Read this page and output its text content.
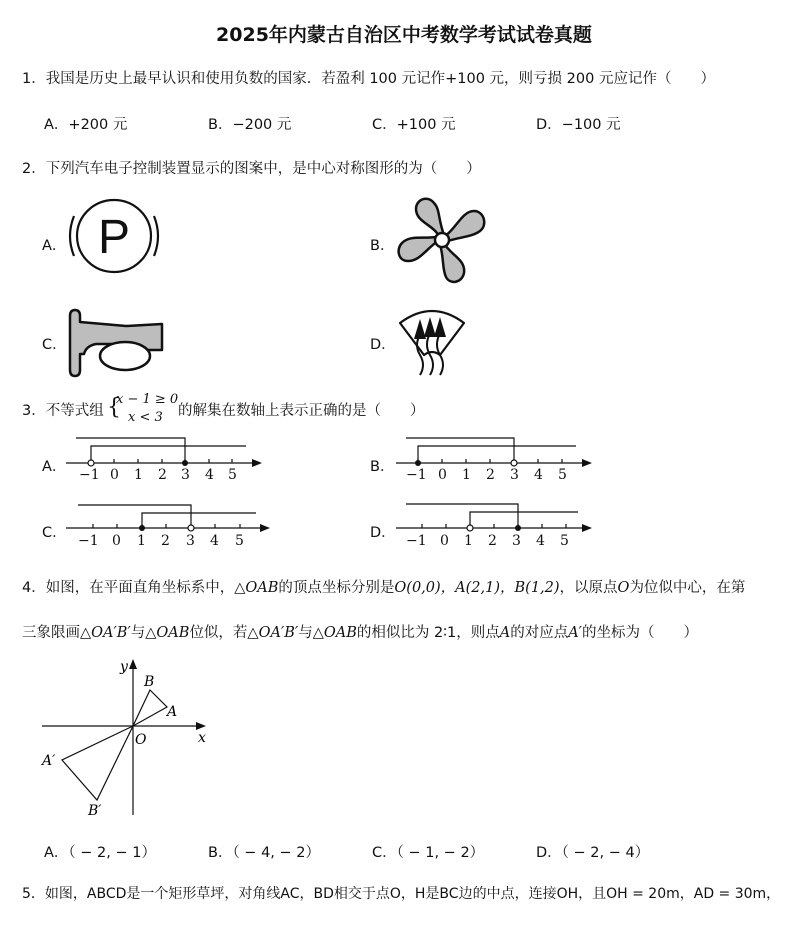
2025年内蒙古自治区中考数学考试试卷真题
1．我国是历史上最早认识和使用负数的国家．若盈利 100 元记作+100 元，则亏损 200 元应记作（　　）
A．+200 元	B．−200 元	C．+100 元	D．−100 元
2．下列汽车电子控制装置显示的图案中，是中心对称图形的为（　　）
A． P	B．
C．	D．
3．不等式组 {
x − 1 ≥ 0
x < 3 的解集在数轴上表示正确的是（　　）
A． −1 0 1 2 3 4 5	B． −1 0 1 2 3 4 5
C． −1 0 1 2 3 4 5	D． −1 0 1 2 3 4 5
4．如图，在平面直角坐标系中，△OAB的顶点坐标分别是O(0,0)，A(2,1)，B(1,2)，以原点O为位似中心，在第
三象限画△OA′B′与△OAB位似，若△OA′B′与△OAB的相似比为 2∶1，则点A的对应点A′的坐标为（　　）
y
x
O
A
B
A′
B′
A．（ − 2, − 1）	B．（ − 4, − 2）	C．（ − 1, − 2）	D．（ − 2, − 4）
5．如图，ABCD是一个矩形草坪，对角线AC，BD相交于点O，H是BC边的中点，连接OH，且OH = 20m，AD = 30m，
